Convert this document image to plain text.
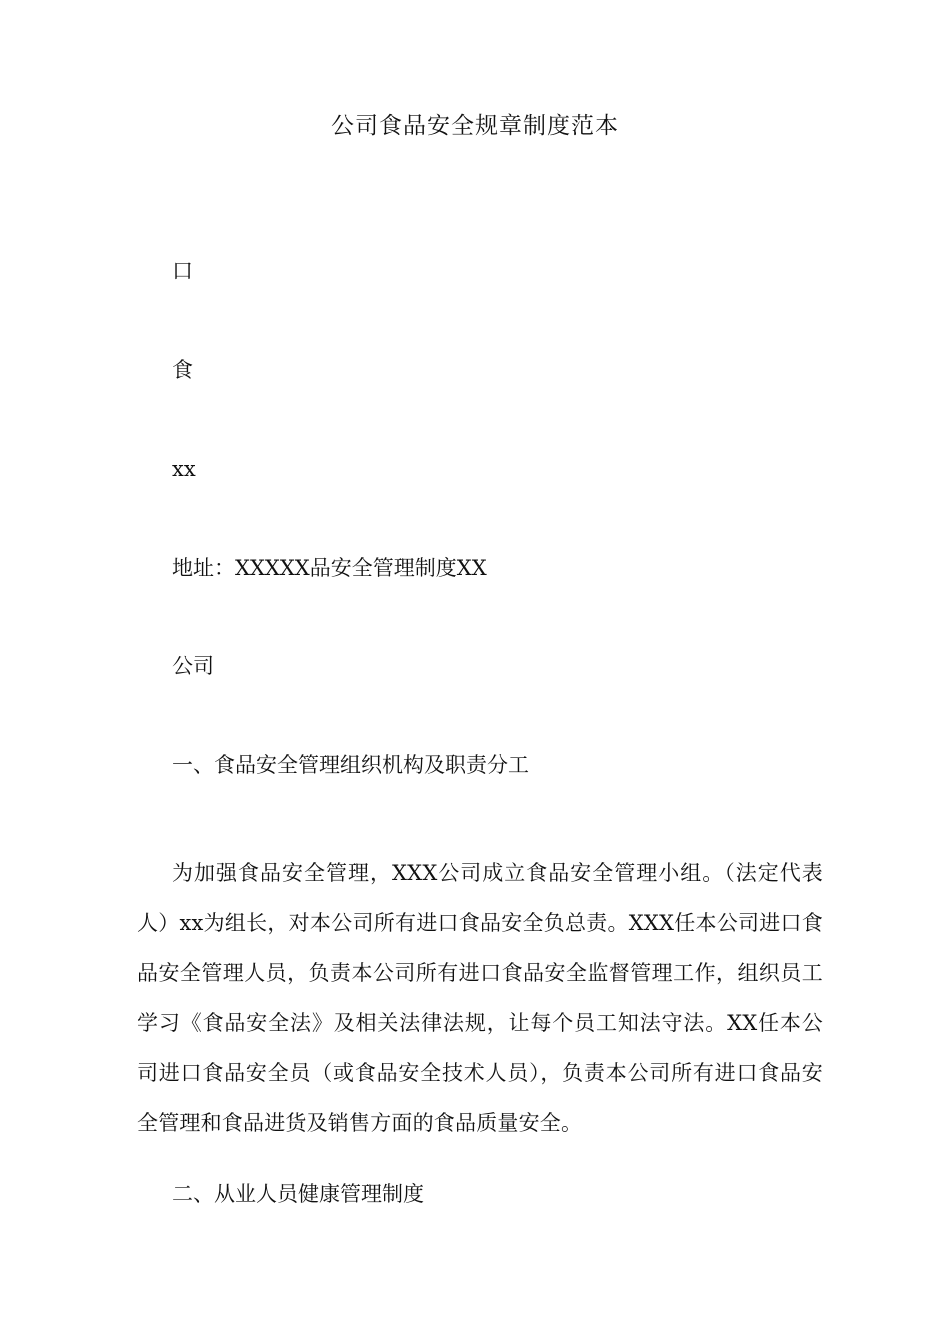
公司食品安全规章制度范本
口
食
xx
地址：XXXXX品安全管理制度XX
公司
一、食品安全管理组织机构及职责分工
为加强食品安全管理，XXX公司成立食品安全管理小组。（法定代表人）xx为组长，对本公司所有进口食品安全负总责。XXX任本公司进口食品安全管理人员，负责本公司所有进口食品安全监督管理工作，组织员工学习《食品安全法》及相关法律法规，让每个员工知法守法。XX任本公司进口食品安全员（或食品安全技术人员），负责本公司所有进口食品安全管理和食品进货及销售方面的食品质量安全。
二、从业人员健康管理制度
